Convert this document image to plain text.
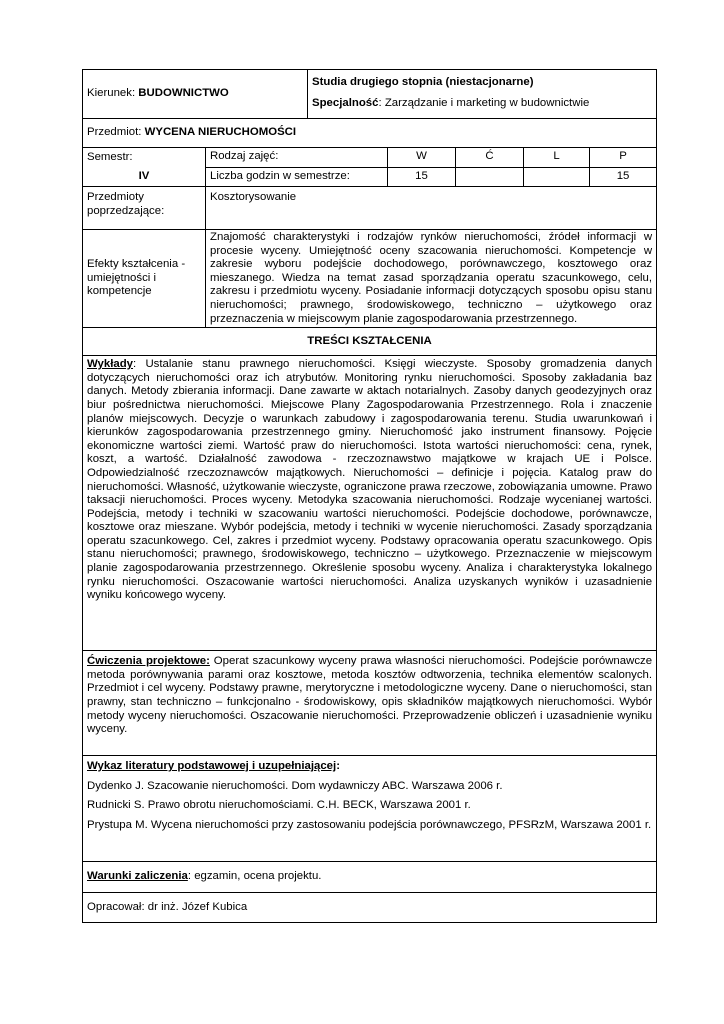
Kierunek: BUDOWNICTWO		Studia drugiego stopnia (niestacjonarne)

Specjalność: Zarządzanie i marketing w budownictwie				

Przedmiot: WYCENA NIERUCHOMOŚCI						
Semestr:	Rodzaj zajęć:		W	Ć	L	P
IV	Liczba godzin w semestrze:		15			15
Przedmioty poprzedzające:	Kosztorysowanie					
Efekty kształcenia - umiejętności i kompetencje	Znajomość charakterystyki i rodzajów rynków nieruchomości, źródeł informacji w procesie wyceny. Umiejętność oceny szacowania nieruchomości. Kompetencje w zakresie wyboru podejście dochodowego, porównawczego, kosztowego oraz mieszanego. Wiedza na temat zasad sporządzania operatu szacunkowego, celu, zakresu i przedmiotu wyceny. Posiadanie informacji dotyczących sposobu opisu stanu nieruchomości; prawnego, środowiskowego, techniczno – użytkowego oraz przeznaczenia w miejscowym planie zagospodarowania przestrzennego.					
TREŚCI KSZTAŁCENIA						
Wykłady: Ustalanie stanu prawnego nieruchomości. Księgi wieczyste. Sposoby gromadzenia danych dotyczących nieruchomości oraz ich atrybutów. Monitoring rynku nieruchomości. Sposoby zakładania baz danych. Metody zbierania informacji. Dane zawarte w aktach notarialnych. Zasoby danych geodezyjnych oraz biur pośrednictwa nieruchomości. Miejscowe Plany Zagospodarowania Przestrzennego. Rola i znaczenie planów miejscowych. Decyzje o warunkach zabudowy i zagospodarowania terenu. Studia uwarunkowań i kierunków zagospodarowania przestrzennego gminy. Nieruchomość jako instrument finansowy. Pojęcie ekonomiczne wartości ziemi. Wartość praw do nieruchomości. Istota wartości nieruchomości: cena, rynek, koszt, a wartość. Działalność zawodowa - rzeczoznawstwo majątkowe w krajach UE i Polsce. Odpowiedzialność rzeczoznawców majątkowych. Nieruchomości – definicje i pojęcia. Katalog praw do nieruchomości. Własność, użytkowanie wieczyste, ograniczone prawa rzeczowe, zobowiązania umowne. Prawo taksacji nieruchomości. Proces wyceny. Metodyka szacowania nieruchomości. Rodzaje wycenianej wartości. Podejścia, metody i techniki w szacowaniu wartości nieruchomości. Podejście dochodowe, porównawcze, kosztowe oraz mieszane. Wybór podejścia, metody i techniki w wycenie nieruchomości. Zasady sporządzania operatu szacunkowego. Cel, zakres i przedmiot wyceny. Podstawy opracowania operatu szacunkowego. Opis stanu nieruchomości; prawnego, środowiskowego, techniczno – użytkowego. Przeznaczenie w miejscowym planie zagospodarowania przestrzennego. Określenie sposobu wyceny. Analiza i charakterystyka lokalnego rynku nieruchomości. Oszacowanie wartości nieruchomości. Analiza uzyskanych wyników i uzasadnienie wyniku końcowego wyceny.						
Ćwiczenia projektowe: Operat szacunkowy wyceny prawa własności nieruchomości. Podejście porównawcze metoda porównywania parami oraz kosztowe, metoda kosztów odtworzenia, technika elementów scalonych. Przedmiot i cel wyceny. Podstawy prawne, merytoryczne i metodologiczne wyceny. Dane o nieruchomości, stan prawny, stan techniczno – funkcjonalno - środowiskowy, opis składników majątkowych nieruchomości. Wybór metody wyceny nieruchomości. Oszacowanie nieruchomości. Przeprowadzenie obliczeń i uzasadnienie wyniku wyceny.						

Wykaz literatury podstawowej i uzupełniającej:

Dydenko J. Szacowanie nieruchomości. Dom wydawniczy ABC. Warszawa 2006 r.

Rudnicki S. Prawo obrotu nieruchomościami. C.H. BECK, Warszawa 2001 r.

Prystupa M. Wycena nieruchomości przy zastosowaniu podejścia porównawczego, PFSRzM, Warszawa 2001 r.						

Warunki zaliczenia: egzamin, ocena projektu.						
Opracował: dr inż. Józef Kubica						
